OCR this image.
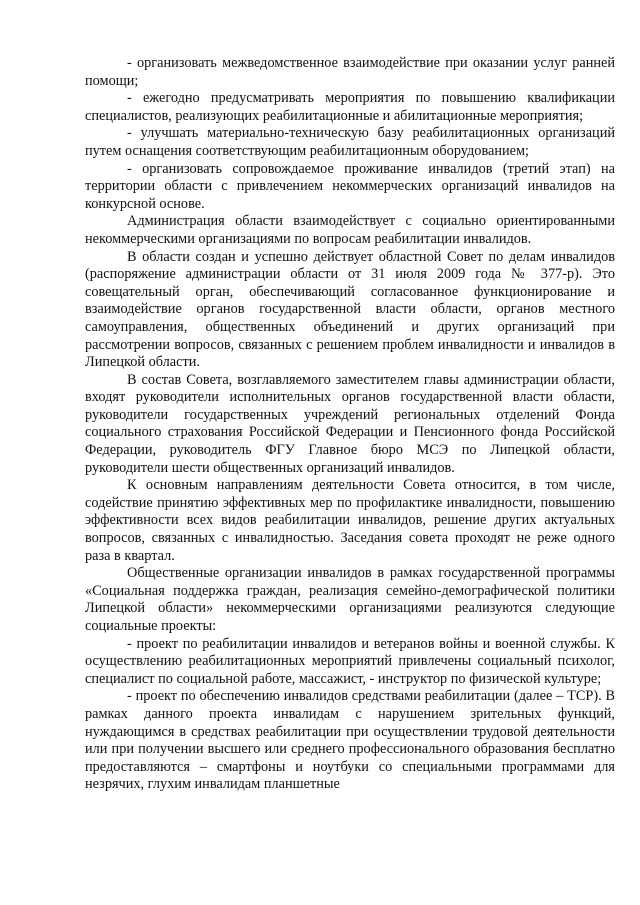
- организовать межведомственное взаимодействие при оказании услуг ранней помощи;

- ежегодно предусматривать мероприятия по повышению квалификации специалистов, реализующих реабилитационные и абилитационные мероприятия;

- улучшать материально-техническую базу реабилитационных организаций путем оснащения соответствующим реабилитационным оборудованием;

- организовать сопровождаемое проживание инвалидов (третий этап) на территории области с привлечением некоммерческих организаций инвалидов на конкурсной основе.

Администрация области взаимодействует с социально ориентированными некоммерческими организациями по вопросам реабилитации инвалидов.

В области создан и успешно действует областной Совет по делам инвалидов (распоряжение администрации области от 31 июля 2009 года № 377-р). Это совещательный орган, обеспечивающий согласованное функционирование и взаимодействие органов государственной власти области, органов местного самоуправления, общественных объединений и других организаций при рассмотрении вопросов, связанных с решением проблем инвалидности и инвалидов в Липецкой области.

В состав Совета, возглавляемого заместителем главы администрации области, входят руководители исполнительных органов государственной власти области, руководители государственных учреждений региональных отделений Фонда социального страхования Российской Федерации и Пенсионного фонда Российской Федерации, руководитель ФГУ Главное бюро МСЭ по Липецкой области, руководители шести общественных организаций инвалидов.

К основным направлениям деятельности Совета относится, в том числе, содействие принятию эффективных мер по профилактике инвалидности, повышению эффективности всех видов реабилитации инвалидов, решение других актуальных вопросов, связанных с инвалидностью. Заседания совета проходят не реже одного раза в квартал.

Общественные организации инвалидов в рамках государственной программы «Социальная поддержка граждан, реализация семейно-демографической политики Липецкой области» некоммерческими организациями реализуются следующие социальные проекты:

- проект по реабилитации инвалидов и ветеранов войны и военной службы. К осуществлению реабилитационных мероприятий привлечены социальный психолог, специалист по социальной работе, массажист, - инструктор по физической культуре;

- проект по обеспечению инвалидов средствами реабилитации (далее – ТСР). В рамках данного проекта инвалидам с нарушением зрительных функций, нуждающимся в средствах реабилитации при осуществлении трудовой деятельности или при получении высшего или среднего профессионального образования бесплатно предоставляются – смартфоны и ноутбуки со специальными программами для незрячих, глухим инвалидам планшетные
